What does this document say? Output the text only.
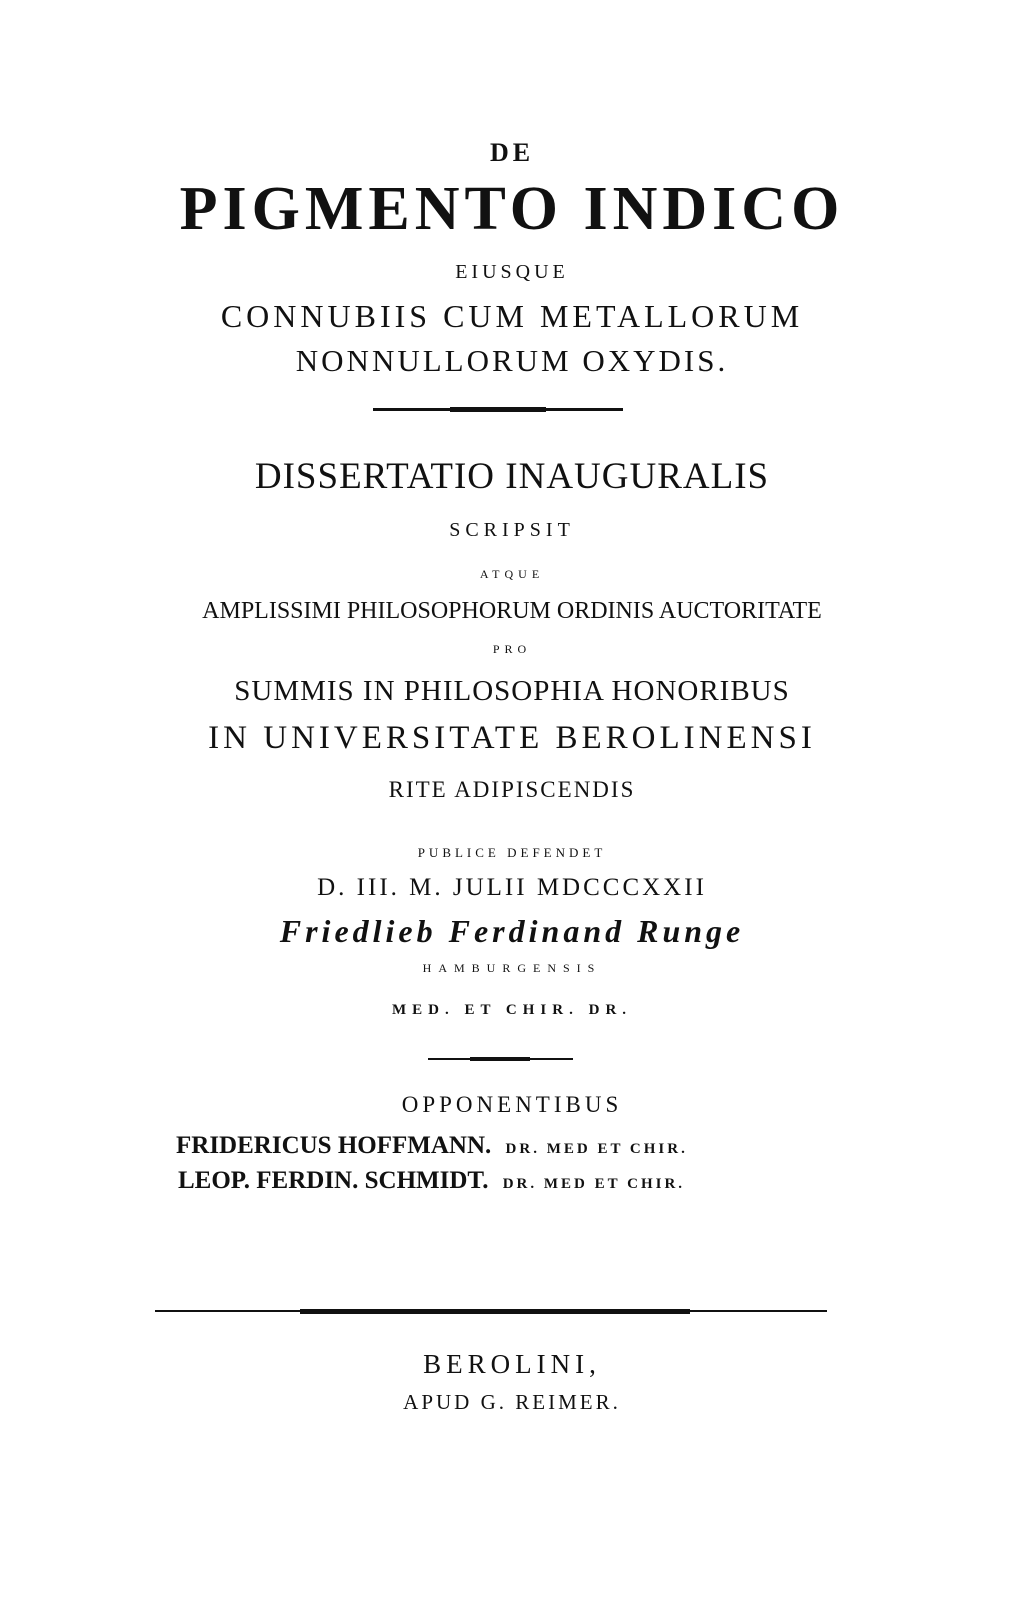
DE
PIGMENTO INDICO
EIUSQUE
CONNUBIIS CUM METALLORUM
NONNULLORUM OXYDIS.
DISSERTATIO INAUGURALIS
SCRIPSIT
ATQUE
AMPLISSIMI PHILOSOPHORUM ORDINIS AUCTORITATE
PRO
SUMMIS IN PHILOSOPHIA HONORIBUS
IN UNIVERSITATE BEROLINENSI
RITE ADIPISCENDIS
PUBLICE DEFENDET
D. III. M. JULII MDCCCXXII
Friedlieb Ferdinand Runge
HAMBURGENSIS
MED. ET CHIR. DR.
OPPONENTIBUS
FRIDERICUS HOFFMANN. DR. MED ET CHIR.
LEOP. FERDIN. SCHMIDT. DR. MED ET CHIR.
BEROLINI,
APUD G. REIMER.
